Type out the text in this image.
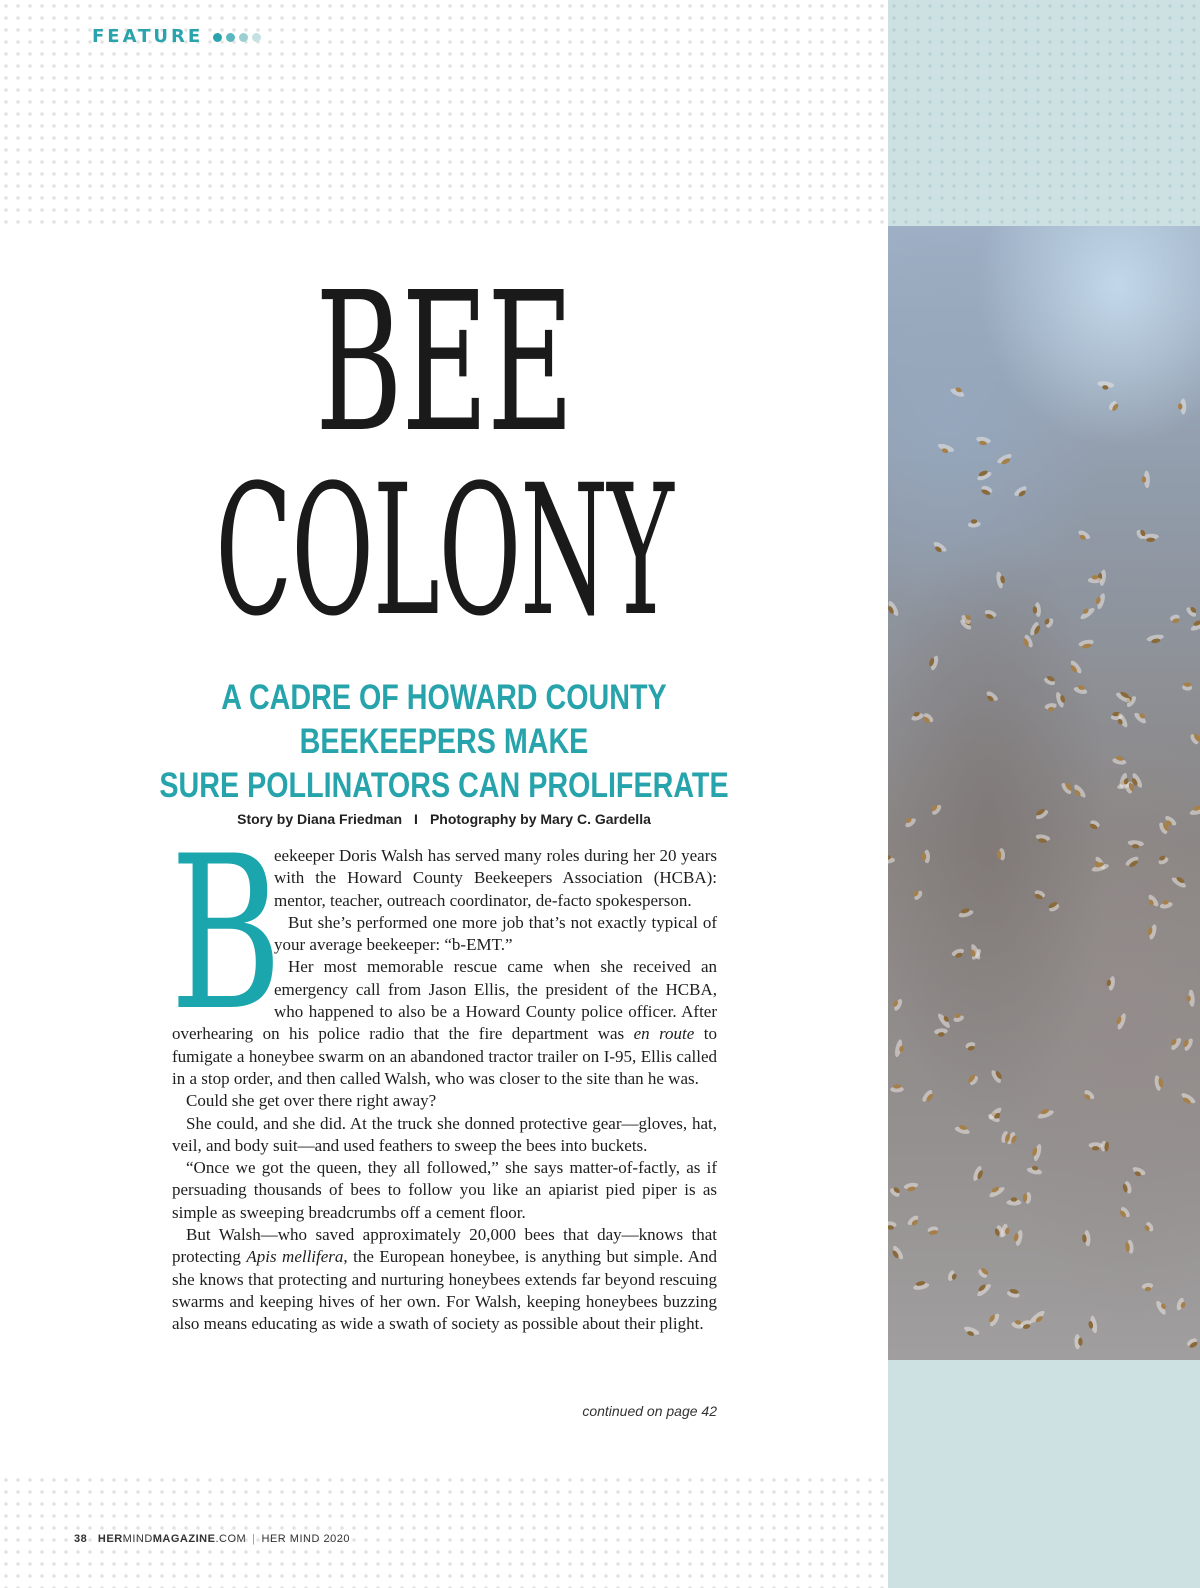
FEATURE
BEE
COLONY
A CADRE OF HOWARD COUNTY BEEKEEPERS MAKE
SURE POLLINATORS CAN PROLIFERATE
Story by Diana Friedman I Photography by Mary C. Gardella
B

eekeeper Doris Walsh has served many roles during her 20 years with the Howard County Beekeepers Association (HCBA): mentor, teacher, outreach coordinator, de-facto spokesperson.

But she’s performed one more job that’s not exactly typical of your average beekeeper: “b-EMT.”

Her most memorable rescue came when she received an emergency call from Jason Ellis, the president of the HCBA, who happened to also be a Howard County police officer. After overhearing on his police radio that the fire department was en route to fumigate a honeybee swarm on an abandoned tractor trailer on I-95, Ellis called in a stop order, and then called Walsh, who was closer to the site than he was.

Could she get over there right away?

She could, and she did. At the truck she donned protective gear—gloves, hat, veil, and body suit—and used feathers to sweep the bees into buckets.

“Once we got the queen, they all followed,” she says matter-of-factly, as if persuading thousands of bees to follow you like an apiarist pied piper is as simple as sweeping breadcrumbs off a cement floor.

But Walsh—who saved approximately 20,000 bees that day—knows that protecting Apis mellifera, the European honeybee, is anything but simple. And she knows that protecting and nurturing honeybees extends far beyond rescuing swarms and keeping hives of her own. For Walsh, keeping honeybees buzzing also means educating as wide a swath of society as possible about their plight.

continued on page 42
38 HERMINDMAGAZINE.COM | HER MIND 2020
